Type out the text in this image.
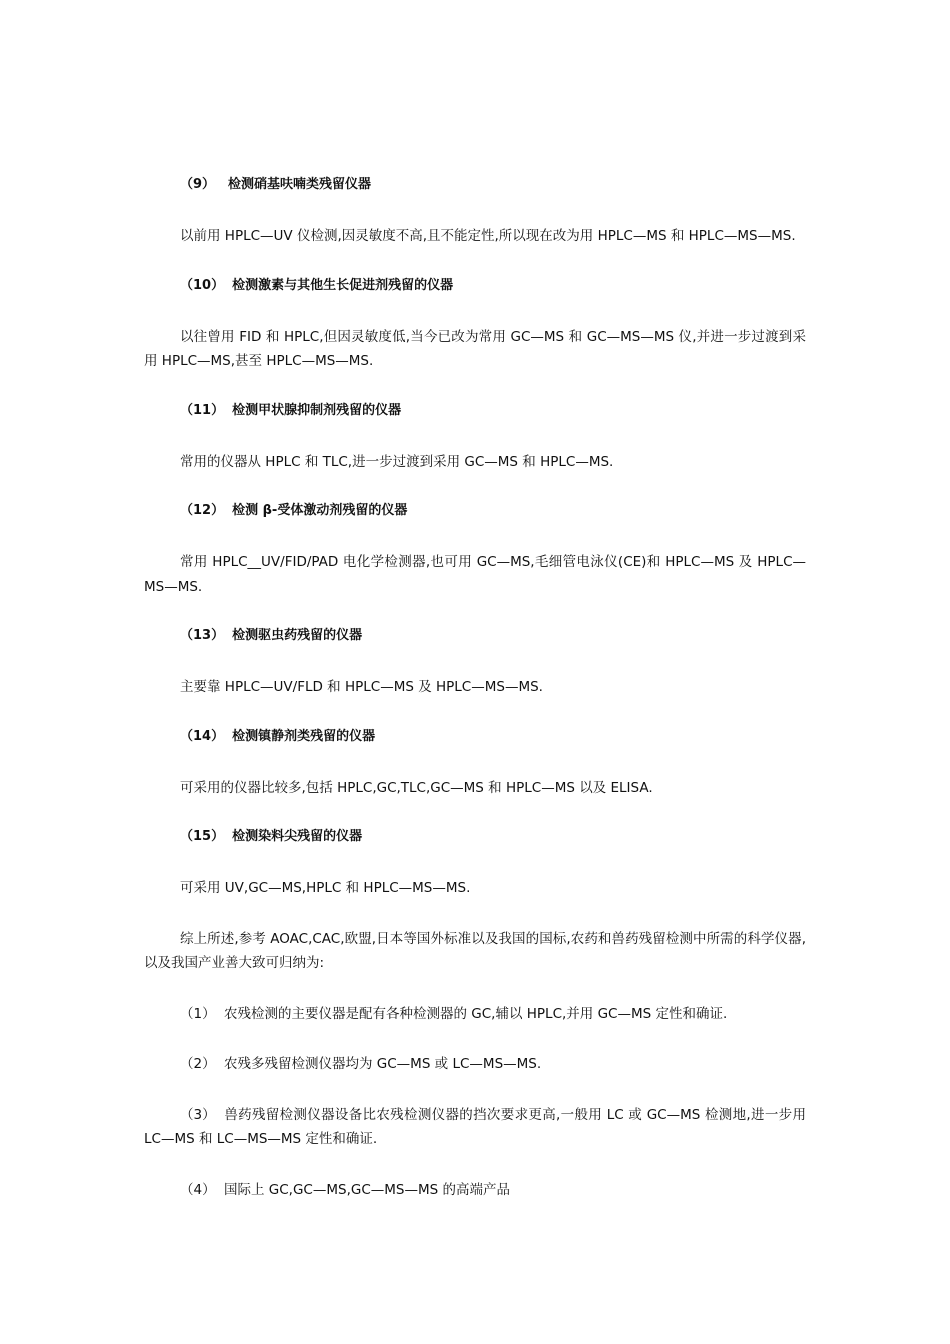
（9） 检测硝基呋喃类残留仪器

以前用 HPLC—UV 仪检测,因灵敏度不高,且不能定性,所以现在改为用 HPLC—MS 和 HPLC—MS—MS.

（10） 检测激素与其他生长促进剂残留的仪器

以往曾用 FID 和 HPLC,但因灵敏度低,当今已改为常用 GC—MS 和 GC—MS—MS 仪,并进一步过渡到采用 HPLC—MS,甚至 HPLC—MS—MS.

（11） 检测甲状腺抑制剂残留的仪器

常用的仪器从 HPLC 和 TLC,进一步过渡到采用 GC—MS 和 HPLC—MS.

（12） 检测 β-受体激动剂残留的仪器

常用 HPLC__UV/FID/PAD 电化学检测器,也可用 GC—MS,毛细管电泳仪(CE)和 HPLC—MS 及 HPLC—MS—MS.

（13） 检测驱虫药残留的仪器

主要靠 HPLC—UV/FLD 和 HPLC—MS 及 HPLC—MS—MS.

（14） 检测镇静剂类残留的仪器

可采用的仪器比较多,包括 HPLC,GC,TLC,GC—MS 和 HPLC—MS 以及 ELISA.

（15） 检测染料尖残留的仪器

可采用 UV,GC—MS,HPLC 和 HPLC—MS—MS.

综上所述,参考 AOAC,CAC,欧盟,日本等国外标准以及我国的国标,农药和兽药残留检测中所需的科学仪器,以及我国产业善大致可归纳为:

（1） 农残检测的主要仪器是配有各种检测器的 GC,辅以 HPLC,并用 GC—MS 定性和确证.

（2） 农残多残留检测仪器均为 GC—MS 或 LC—MS—MS.

（3） 兽药残留检测仪器设备比农残检测仪器的挡次要求更高,一般用 LC 或 GC—MS 检测地,进一步用 LC—MS 和 LC—MS—MS 定性和确证.

（4） 国际上 GC,GC—MS,GC—MS—MS 的高端产品
